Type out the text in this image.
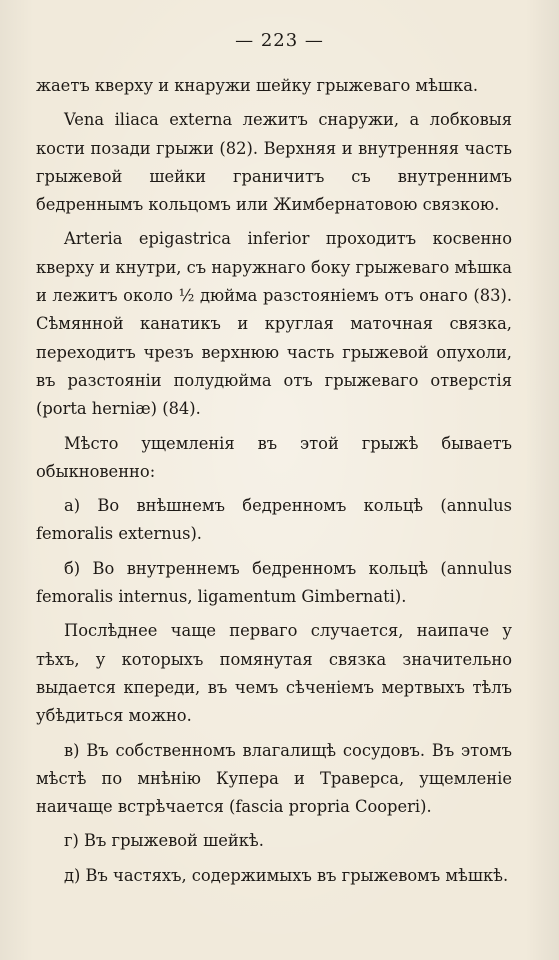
— 223 —

жаетъ кверху и кнаружи шейку грыжеваго мѣшка.

Vena iliaca externa лежитъ снаружи, а лобковыя кости позади грыжи (82). Верхняя и внутренняя часть грыжевой шейки граничитъ съ внутреннимъ бедреннымъ кольцомъ или Жимбернатовою связкою.

Arteria epigastrica inferior проходитъ косвенно кверху и кнутри, съ наружнаго боку грыжеваго мѣшка и лежитъ около ½ дюйма разстояніемъ отъ онаго (83). Сѣмянной канатикъ и круглая маточная связка, переходитъ чрезъ верхнюю часть грыжевой опухоли, въ разстояніи полудюйма отъ грыжеваго отверстія (porta herniæ) (84).

Мѣсто ущемленія въ этой грыжѣ бываетъ обыкновенно:

а) Во внѣшнемъ бедренномъ кольцѣ (annulus femoralis externus).

б) Во внутреннемъ бедренномъ кольцѣ (annulus femoralis internus, ligamentum Gimbernati).

Послѣднее чаще перваго случается, наипаче у тѣхъ, у которыхъ помянутая связка значительно выдается кпереди, въ чемъ сѣченіемъ мертвыхъ тѣлъ убѣдиться можно.

в) Въ собственномъ влагалищѣ сосудовъ. Въ этомъ мѣстѣ по мнѣнію Купера и Траверса, ущемленіе наичаще встрѣчается (fascia propria Cooperi).

г) Въ грыжевой шейкѣ.

д) Въ частяхъ, содержимыхъ въ грыжевомъ мѣшкѣ.
